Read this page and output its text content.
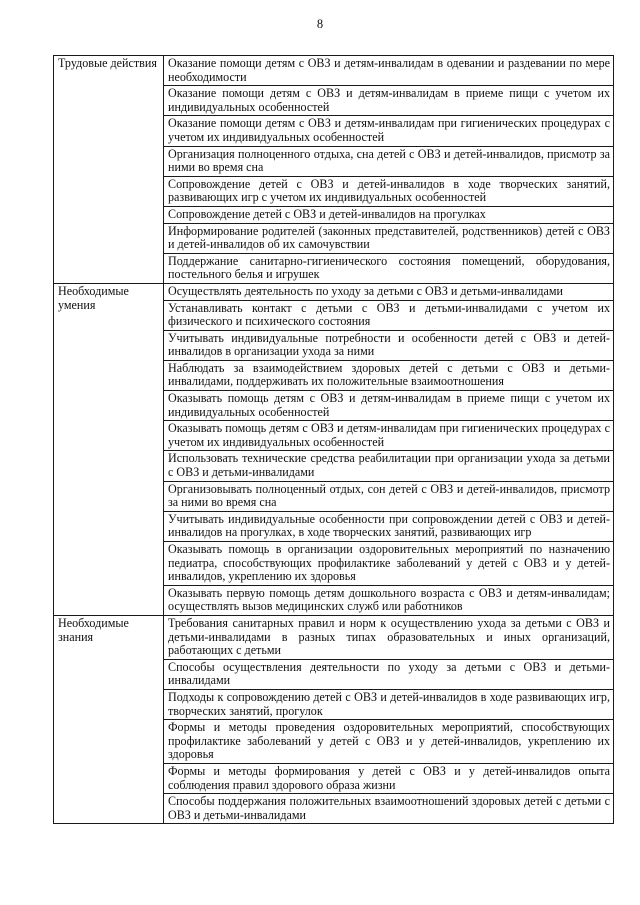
8
Трудовые действия	Оказание помощи детям с ОВЗ и детям-инвалидам в одевании и раздевании по мере необходимости
	Оказание помощи детям с ОВЗ и детям-инвалидам в приеме пищи с учетом их индивидуальных особенностей
	Оказание помощи детям с ОВЗ и детям-инвалидам при гигиенических процедурах с учетом их индивидуальных особенностей
	Организация полноценного отдыха, сна детей с ОВЗ и детей-инвалидов, присмотр за ними во время сна
	Сопровождение детей с ОВЗ и детей-инвалидов в ходе творческих занятий, развивающих игр с учетом их индивидуальных особенностей
	Сопровождение детей с ОВЗ и детей-инвалидов на прогулках
	Информирование родителей (законных представителей, родственников) детей с ОВЗ и детей-инвалидов об их самочувствии
	Поддержание санитарно-гигиенического состояния помещений, оборудования, постельного белья и игрушек
Необходимые умения	Осуществлять деятельность по уходу за детьми с ОВЗ и детьми-инвалидами
	Устанавливать контакт с детьми с ОВЗ и детьми-инвалидами с учетом их физического и психического состояния
	Учитывать индивидуальные потребности и особенности детей с ОВЗ и детей-инвалидов в организации ухода за ними
	Наблюдать за взаимодействием здоровых детей с детьми с ОВЗ и детьми-инвалидами, поддерживать их положительные взаимоотношения
	Оказывать помощь детям с ОВЗ и детям-инвалидам в приеме пищи с учетом их индивидуальных особенностей
	Оказывать помощь детям с ОВЗ и детям-инвалидам при гигиенических процедурах с учетом их индивидуальных особенностей
	Использовать технические средства реабилитации при организации ухода за детьми с ОВЗ и детьми-инвалидами
	Организовывать полноценный отдых, сон детей с ОВЗ и детей-инвалидов, присмотр за ними во время сна
	Учитывать индивидуальные особенности при сопровождении детей с ОВЗ и детей-инвалидов на прогулках, в ходе творческих занятий, развивающих игр
	Оказывать помощь в организации оздоровительных мероприятий по назначению педиатра, способствующих профилактике заболеваний у детей с ОВЗ и у детей-инвалидов, укреплению их здоровья
	Оказывать первую помощь детям дошкольного возраста с ОВЗ и детям-инвалидам; осуществлять вызов медицинских служб или работников
Необходимые знания	Требования санитарных правил и норм к осуществлению ухода за детьми с ОВЗ и детьми-инвалидами в разных типах образовательных и иных организаций, работающих с детьми
	Способы осуществления деятельности по уходу за детьми с ОВЗ и детьми-инвалидами
	Подходы к сопровождению детей с ОВЗ и детей-инвалидов в ходе развивающих игр, творческих занятий, прогулок
	Формы и методы проведения оздоровительных мероприятий, способствующих профилактике заболеваний у детей с ОВЗ и у детей-инвалидов, укреплению их здоровья
	Формы и методы формирования у детей с ОВЗ и у детей-инвалидов опыта соблюдения правил здорового образа жизни
	Способы поддержания положительных взаимоотношений здоровых детей с детьми с ОВЗ и детьми-инвалидами
